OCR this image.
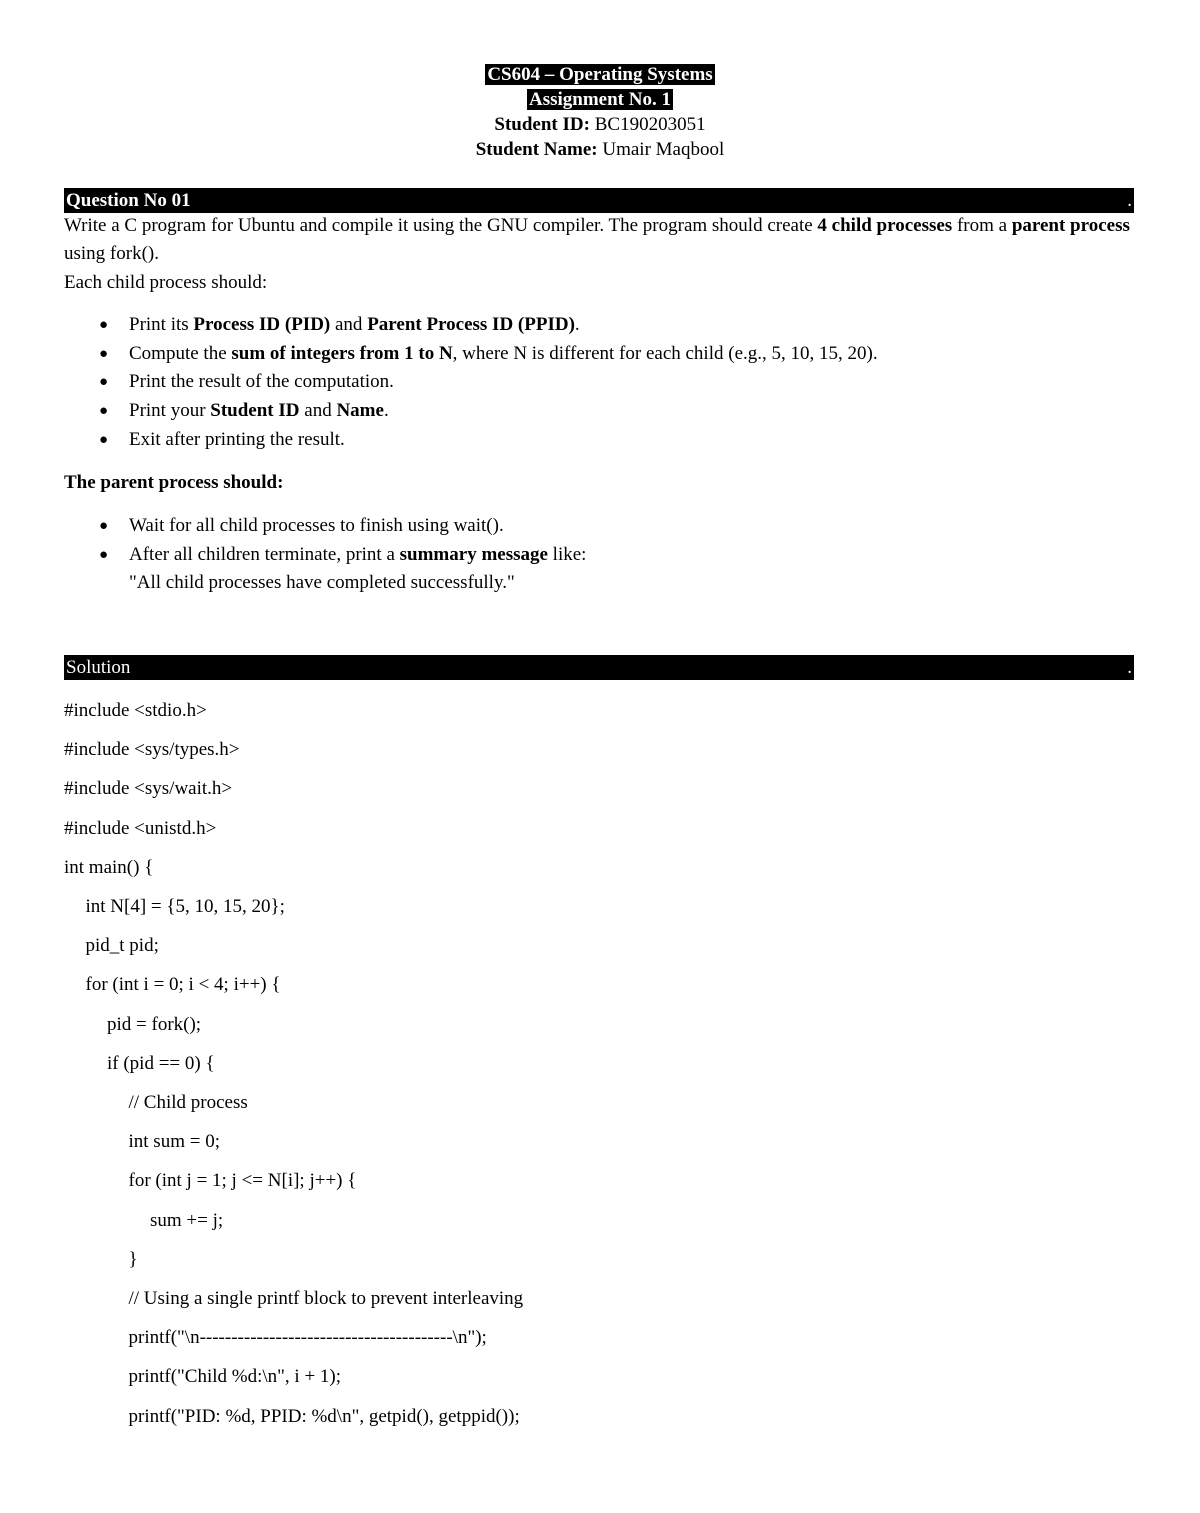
CS604 – Operating Systems
Assignment No. 1
Student ID: BC190203051
Student Name: Umair Maqbool
Question No 01	.
Write a C program for Ubuntu and compile it using the GNU compiler. The program should create 4 child processes from a parent process using fork().
Each child process should:
● Print its Process ID (PID) and Parent Process ID (PPID).
● Compute the sum of integers from 1 to N, where N is different for each child (e.g., 5, 10, 15, 20).
● Print the result of the computation.
● Print your Student ID and Name.
● Exit after printing the result.
The parent process should:
● Wait for all child processes to finish using wait().
● After all children terminate, print a summary message like:
"All child processes have completed successfully."
Solution	.
#include <stdio.h>
#include <sys/types.h>
#include <sys/wait.h>
#include <unistd.h>
int main() {
int N[4] = {5, 10, 15, 20};
pid_t pid;
for (int i = 0; i < 4; i++) {
pid = fork();
if (pid == 0) {
// Child process
int sum = 0;
for (int j = 1; j <= N[i]; j++) {
sum += j;
}
// Using a single printf block to prevent interleaving
printf("\n----------------------------------------\n");
printf("Child %d:\n", i + 1);
printf("PID: %d, PPID: %d\n", getpid(), getppid());
